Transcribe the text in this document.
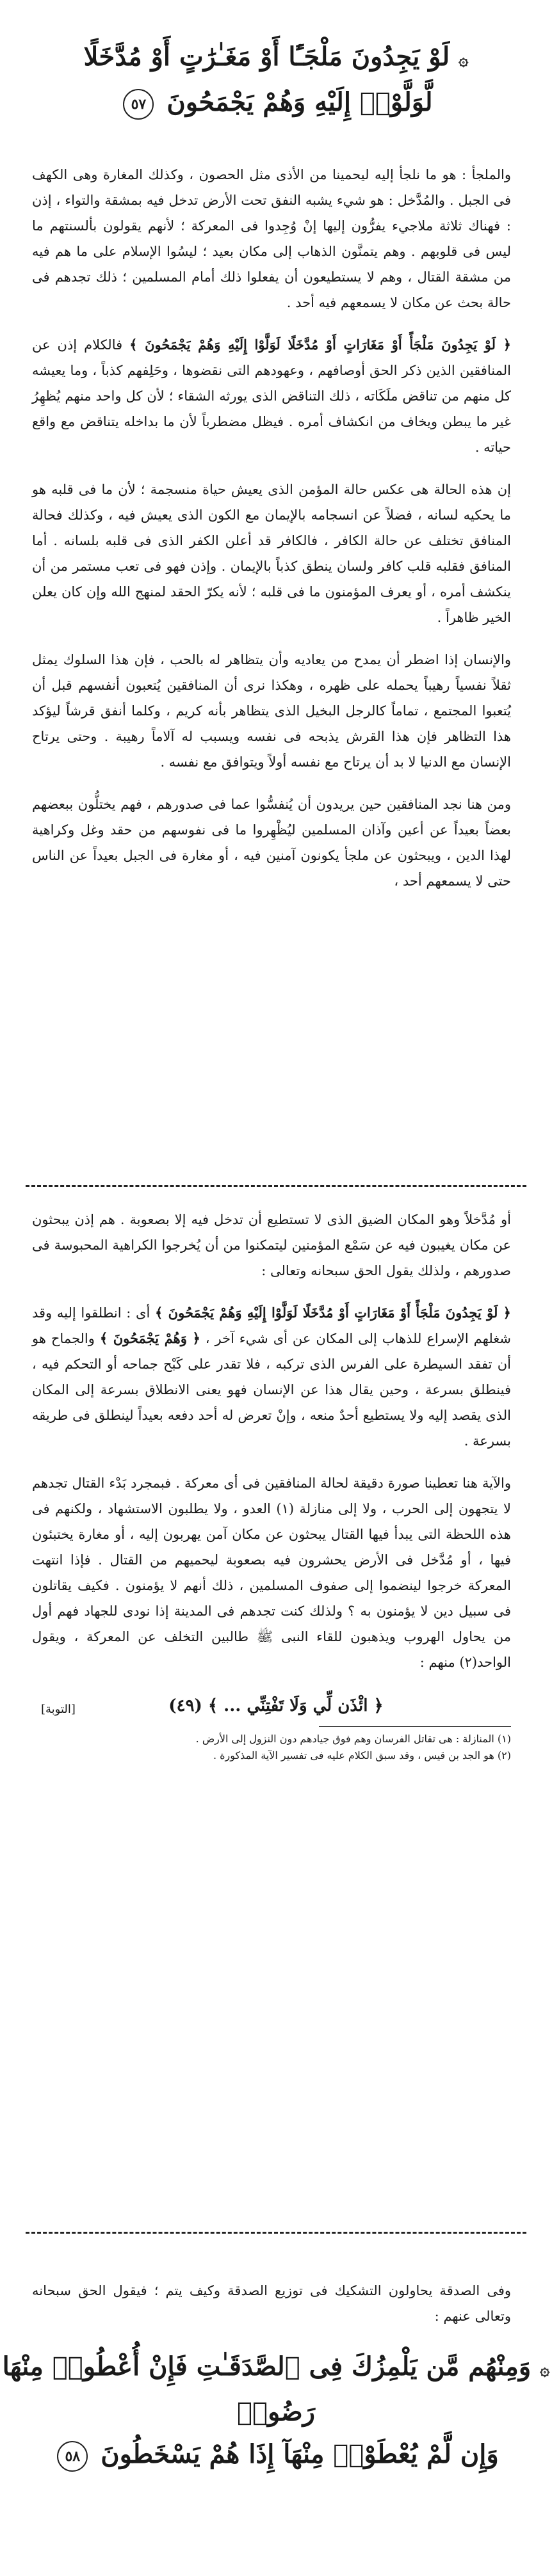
۞ لَوْ يَجِدُونَ مَلْجَـًٔا أَوْ مَغَـٰرَٰتٍ أَوْ مُدَّخَلًا
لَّوَلَّوْا۟ إِلَيْهِ وَهُمْ يَجْمَحُونَ ٥٧

والملجأ : هو ما نلجأ إليه ليحمينا من الأذى مثل الحصون ، وكذلك المغارة وهى الكهف فى الجبل . والمُدَّخل : هو شيء يشبه النفق تحت الأرض تدخل فيه بمشقة والتواء ، إذن : فهناك ثلاثة ملاجيء يفرُّون إليها إنْ وُجِدوا فى المعركة ؛ لأنهم يقولون بألسنتهم ما ليس فى قلوبهم . وهم يتمنَّون الذهاب إلى مكان بعيد ؛ ليسُوا الإسلام على ما هم فيه من مشقة القتال ، وهم لا يستطيعون أن يفعلوا ذلك أمام المسلمين ؛ ذلك تجدهم فى حالة بحث عن مكان لا يسمعهم فيه أحد .

﴿ لَوْ يَجِدُونَ مَلْجَأً أَوْ مَغَارَاتٍ أَوْ مُدَّخَلًا لَوَلَّوْا إِلَيْهِ وَهُمْ يَجْمَحُونَ ﴾ فالكلام إذن عن المنافقين الذين ذكر الحق أوصافهم ، وعهودهم التى نقضوها ، وحَلِفهم كذباً ، وما يعيشه كل منهم من تناقض ملَكَاته ، ذلك التناقض الذى يورثه الشقاء ؛ لأن كل واحد منهم يُظهِرُ غير ما يبطن ويخاف من انكشاف أمره . فيظل مضطرباً لأن ما بداخله يتناقض مع واقع حياته .

إن هذه الحالة هى عكس حالة المؤمن الذى يعيش حياة منسجمة ؛ لأن ما فى قلبه هو ما يحكيه لسانه ، فضلاً عن انسجامه بالإيمان مع الكون الذى يعيش فيه ، وكذلك فحالة المنافق تختلف عن حالة الكافر ، فالكافر قد أعلن الكفر الذى فى قلبه بلسانه . أما المنافق فقلبه قلب كافر ولسان ينطق كذباً بالإيمان . وإذن فهو فى تعب مستمر من أن ينكشف أمره ، أو يعرف المؤمنون ما فى قلبه ؛ لأنه يكرّ الحقد لمنهج الله وإن كان يعلن الخير ظاهراً .

والإنسان إذا اضطر أن يمدح من يعاديه وأن يتظاهر له بالحب ، فإن هذا السلوك يمثل ثقلاً نفسياً رهيباً يحمله على ظهره ، وهكذا نرى أن المنافقين يُتعبون أنفسهم قبل أن يُتعبوا المجتمع ، تماماً كالرجل البخيل الذى يتظاهر بأنه كريم ، وكلما أنفق قرشاً ليؤكد هذا التظاهر فإن هذا القرش يذبحه فى نفسه ويسبب له آلاماً رهيبة . وحتى يرتاح الإنسان مع الدنيا لا بد أن يرتاح مع نفسه أولاً ويتوافق مع نفسه .

ومن هنا نجد المنافقين حين يريدون أن يُنفسُّوا عما فى صدورهم ، فهم يختلُّون ببعضهم بعضاً بعيداً عن أعين وآذان المسلمين ليُظْهِروا ما فى نفوسهم من حقد وغل وكراهية لهذا الدين ، ويبحثون عن ملجأ يكونون آمنين فيه ، أو مغارة فى الجبل بعيداً عن الناس حتى لا يسمعهم أحد ،

أو مُدَّخلاً وهو المكان الضيق الذى لا تستطيع أن تدخل فيه إلا بصعوبة . هم إذن يبحثون عن مكان يغيبون فيه عن سَمْع المؤمنين ليتمكنوا من أن يُخرجوا الكراهية المحبوسة فى صدورهم ، ولذلك يقول الحق سبحانه وتعالى :

﴿ لَوْ يَجِدُونَ مَلْجَأً أَوْ مَغَارَاتٍ أَوْ مُدَّخَلًا لَوَلَّوْا إِلَيْهِ وَهُمْ يَجْمَحُونَ ﴾ أى : انطلقوا إليه وقد شغلهم الإسراع للذهاب إلى المكان عن أى شيء آخر ، ﴿ وَهُمْ يَجْمَحُونَ ﴾ والجماح هو أن تفقد السيطرة على الفرس الذى تركبه ، فلا تقدر على كَبْح جماحه أو التحكم فيه ، فينطلق بسرعة ، وحين يقال هذا عن الإنسان فهو يعنى الانطلاق بسرعة إلى المكان الذى يقصد إليه ولا يستطيع أحدٌ منعه ، وإنْ تعرض له أحد دفعه بعيداً لينطلق فى طريقه بسرعة .

والآية هنا تعطينا صورة دقيقة لحالة المنافقين فى أى معركة . فبمجرد بَدْء القتال تجدهم لا يتجهون إلى الحرب ، ولا إلى منازلة (١) العدو ، ولا يطلبون الاستشهاد ، ولكنهم فى هذه اللحظة التى يبدأ فيها القتال يبحثون عن مكان آمن يهربون إليه ، أو مغارة يختبئون فيها ، أو مُدَّخل فى الأرض يحشرون فيه بصعوبة ليحميهم من القتال . فإذا انتهت المعركة خرجوا لينضموا إلى صفوف المسلمين ، ذلك أنهم لا يؤمنون . فكيف يقاتلون فى سبيل دين لا يؤمنون به ؟ ولذلك كنت تجدهم فى المدينة إذا نودى للجهاد فهم أول من يحاول الهروب ويذهبون للقاء النبى ﷺ طالبين التخلف عن المعركة ، ويقول الواحد(٢) منهم :

﴿ ائْذَن لِّي وَلَا تَفْتِنِّي ... ﴾ (٤٩)
[التوبة]
(١) المنازلة : هى تقاتل الفرسان وهم فوق جيادهم دون النزول إلى الأرض .
(٢) هو الجد بن قيس ، وقد سبق الكلام عليه فى تفسير الآية المذكورة .

وفى الصدقة يحاولون التشكيك فى توزيع الصدقة وكيف يتم ؛ فيقول الحق سبحانه وتعالى عنهم :

۞ وَمِنْهُم مَّن يَلْمِزُكَ فِى ٱلصَّدَقَـٰتِ فَإِنْ أُعْطُوا۟ مِنْهَا رَضُوا۟
وَإِن لَّمْ يُعْطَوْا۟ مِنْهَآ إِذَا هُمْ يَسْخَطُونَ ٥٨
